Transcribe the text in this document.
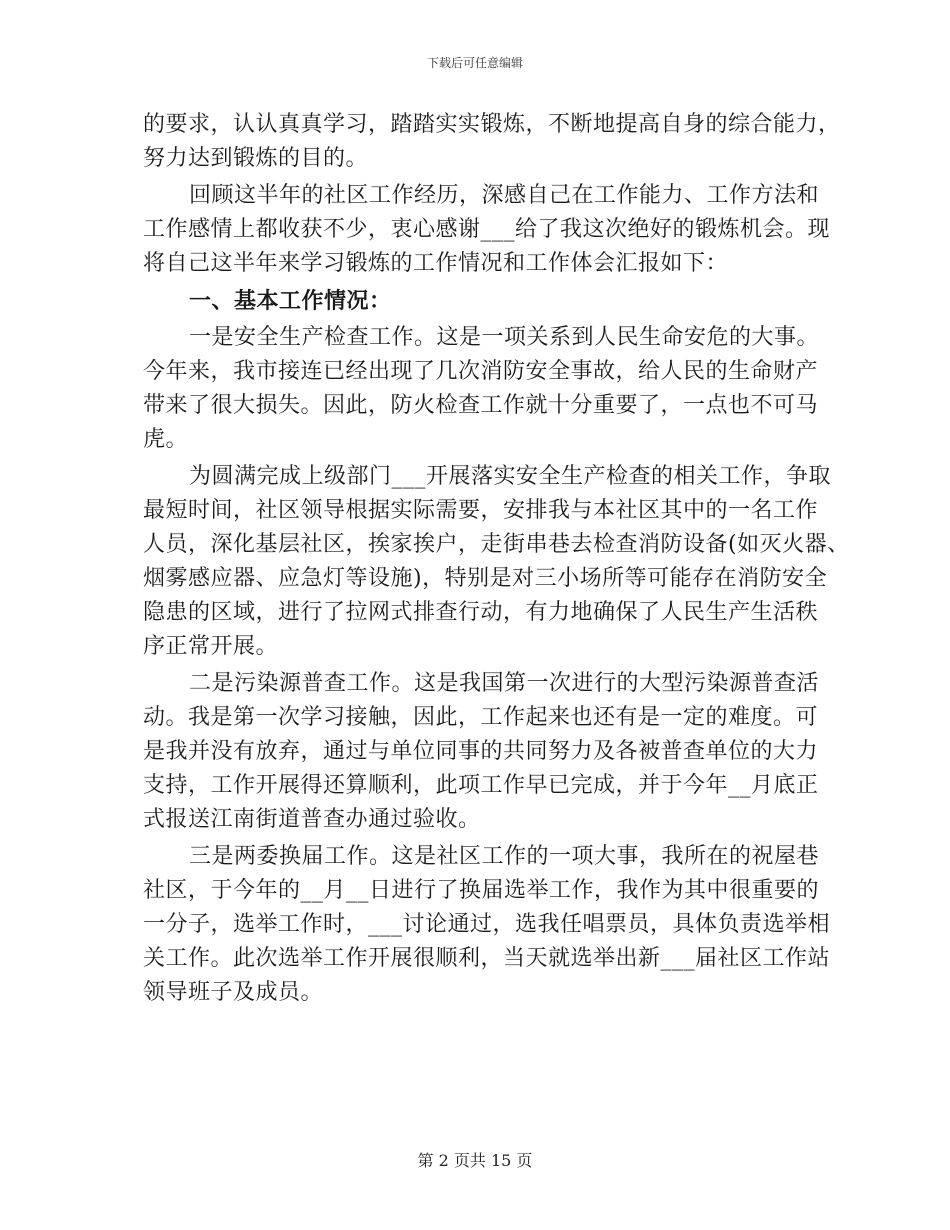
下载后可任意编辑
的要求，认认真真学习，踏踏实实锻炼，不断地提高自身的综合能力，
努力达到锻炼的目的。
回顾这半年的社区工作经历，深感自己在工作能力、工作方法和
工作感情上都收获不少，衷心感谢___给了我这次绝好的锻炼机会。现
将自己这半年来学习锻炼的工作情况和工作体会汇报如下：
一、基本工作情况：
一是安全生产检查工作。这是一项关系到人民生命安危的大事。
今年来，我市接连已经出现了几次消防安全事故，给人民的生命财产
带来了很大损失。因此，防火检查工作就十分重要了，一点也不可马
虎。
为圆满完成上级部门___开展落实安全生产检查的相关工作，争取
最短时间，社区领导根据实际需要，安排我与本社区其中的一名工作
人员，深化基层社区，挨家挨户，走街串巷去检查消防设备(如灭火器、
烟雾感应器、应急灯等设施)，特别是对三小场所等可能存在消防安全
隐患的区域，进行了拉网式排查行动，有力地确保了人民生产生活秩
序正常开展。
二是污染源普查工作。这是我国第一次进行的大型污染源普查活
动。我是第一次学习接触，因此，工作起来也还有是一定的难度。可
是我并没有放弃，通过与单位同事的共同努力及各被普查单位的大力
支持，工作开展得还算顺利，此项工作早已完成，并于今年__月底正
式报送江南街道普查办通过验收。
三是两委换届工作。这是社区工作的一项大事，我所在的祝屋巷
社区，于今年的__月__日进行了换届选举工作，我作为其中很重要的
一分子，选举工作时，___讨论通过，选我任唱票员，具体负责选举相
关工作。此次选举工作开展很顺利，当天就选举出新___届社区工作站
领导班子及成员。
第 2 页共 15 页
